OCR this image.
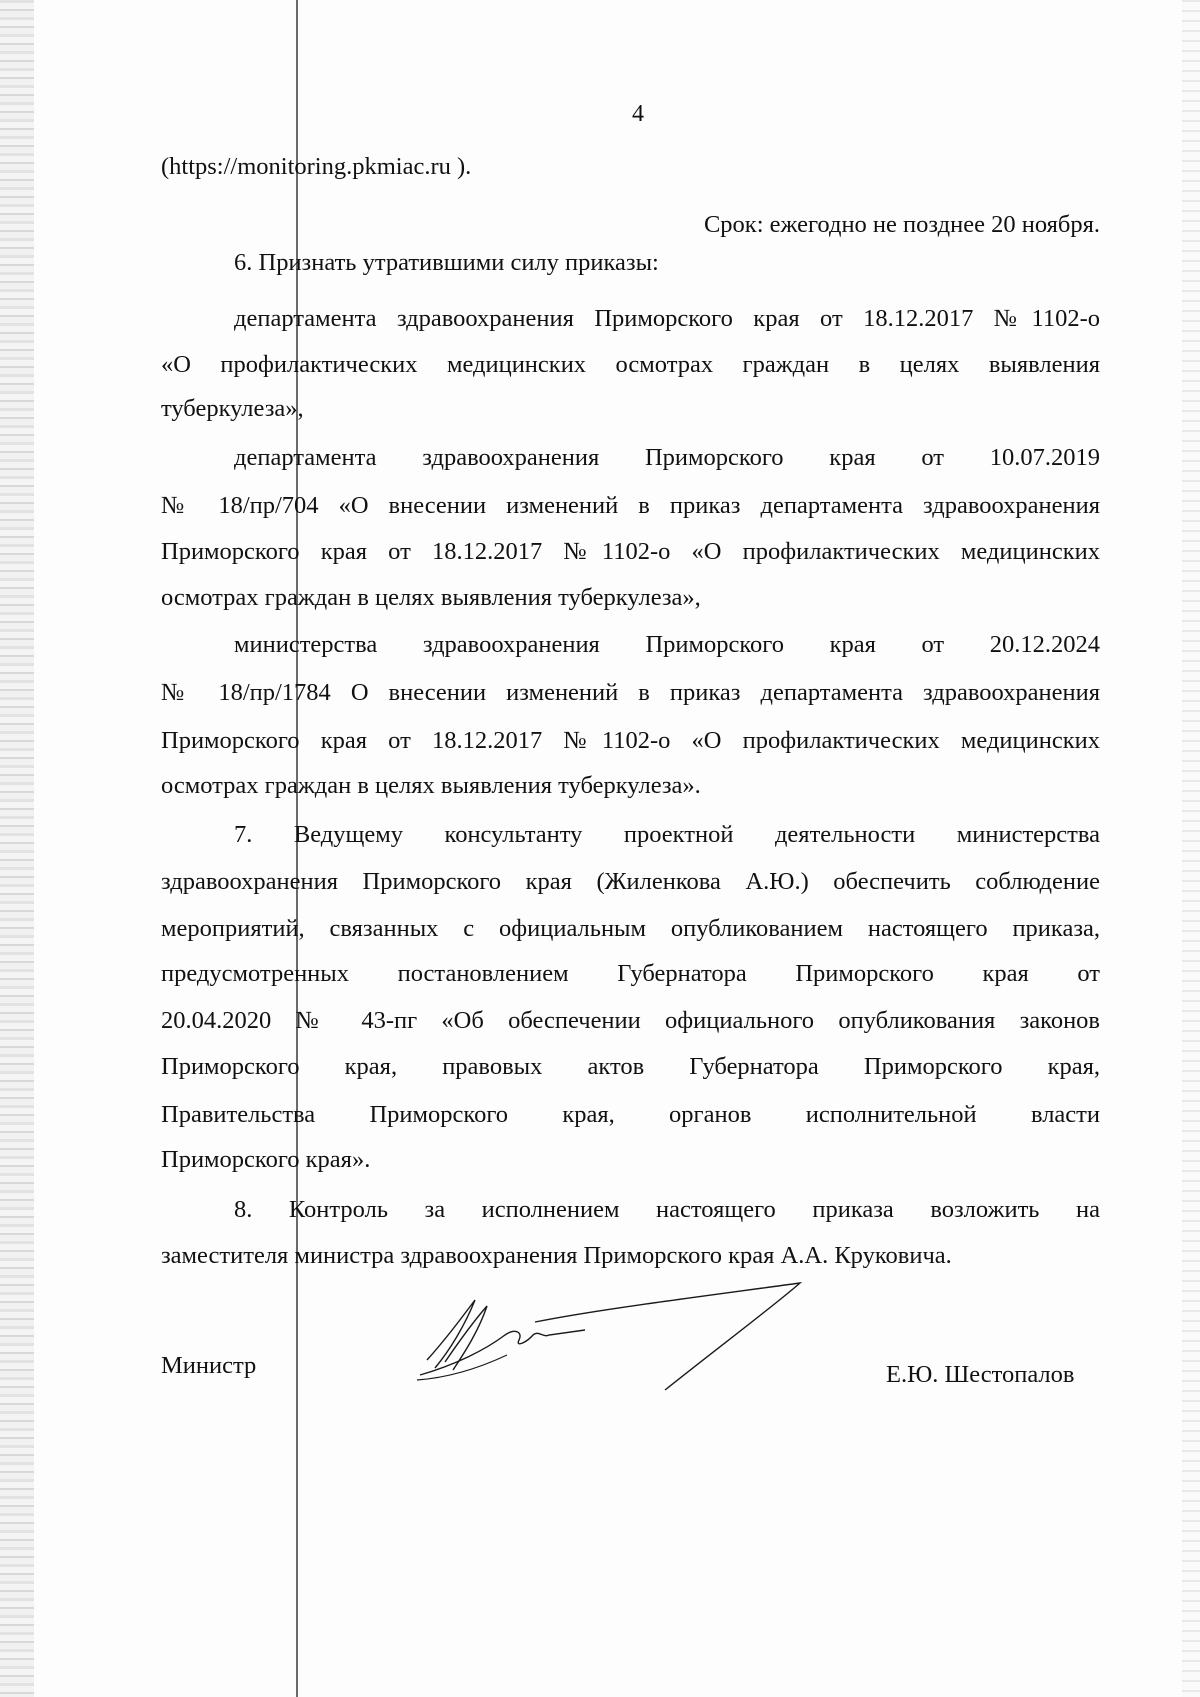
4
(https://monitoring.pkmiac.ru ).
Срок: ежегодно не позднее 20 ноября.
6. Признать утратившими силу приказы:
департамента здравоохранения Приморского края от 18.12.2017 №1102-о
«О профилактических медицинских осмотрах граждан в целях выявления
туберкулеза»,
департамента здравоохранения Приморского края от 10.07.2019
№ 18/пр/704 «О внесении изменений в приказ департамента здравоохранения
Приморского края от 18.12.2017 №1102-о «О профилактических медицинских
осмотрах граждан в целях выявления туберкулеза»,
министерства здравоохранения Приморского края от 20.12.2024
№ 18/пр/1784 О внесении изменений в приказ департамента здравоохранения
Приморского края от 18.12.2017 №1102-о «О профилактических медицинских
осмотрах граждан в целях выявления туберкулеза».
7. Ведущему консультанту проектной деятельности министерства
здравоохранения Приморского края (Жиленкова А.Ю.) обеспечить соблюдение
мероприятий, связанных с официальным опубликованием настоящего приказа,
предусмотренных постановлением Губернатора Приморского края от
20.04.2020 № 43-пг «Об обеспечении официального опубликования законов
Приморского края, правовых актов Губернатора Приморского края,
Правительства Приморского края, органов исполнительной власти
Приморского края».
8. Контроль за исполнением настоящего приказа возложить на
заместителя министра здравоохранения Приморского края А.А. Круковича.
Министр	Е.Ю. Шестопалов
